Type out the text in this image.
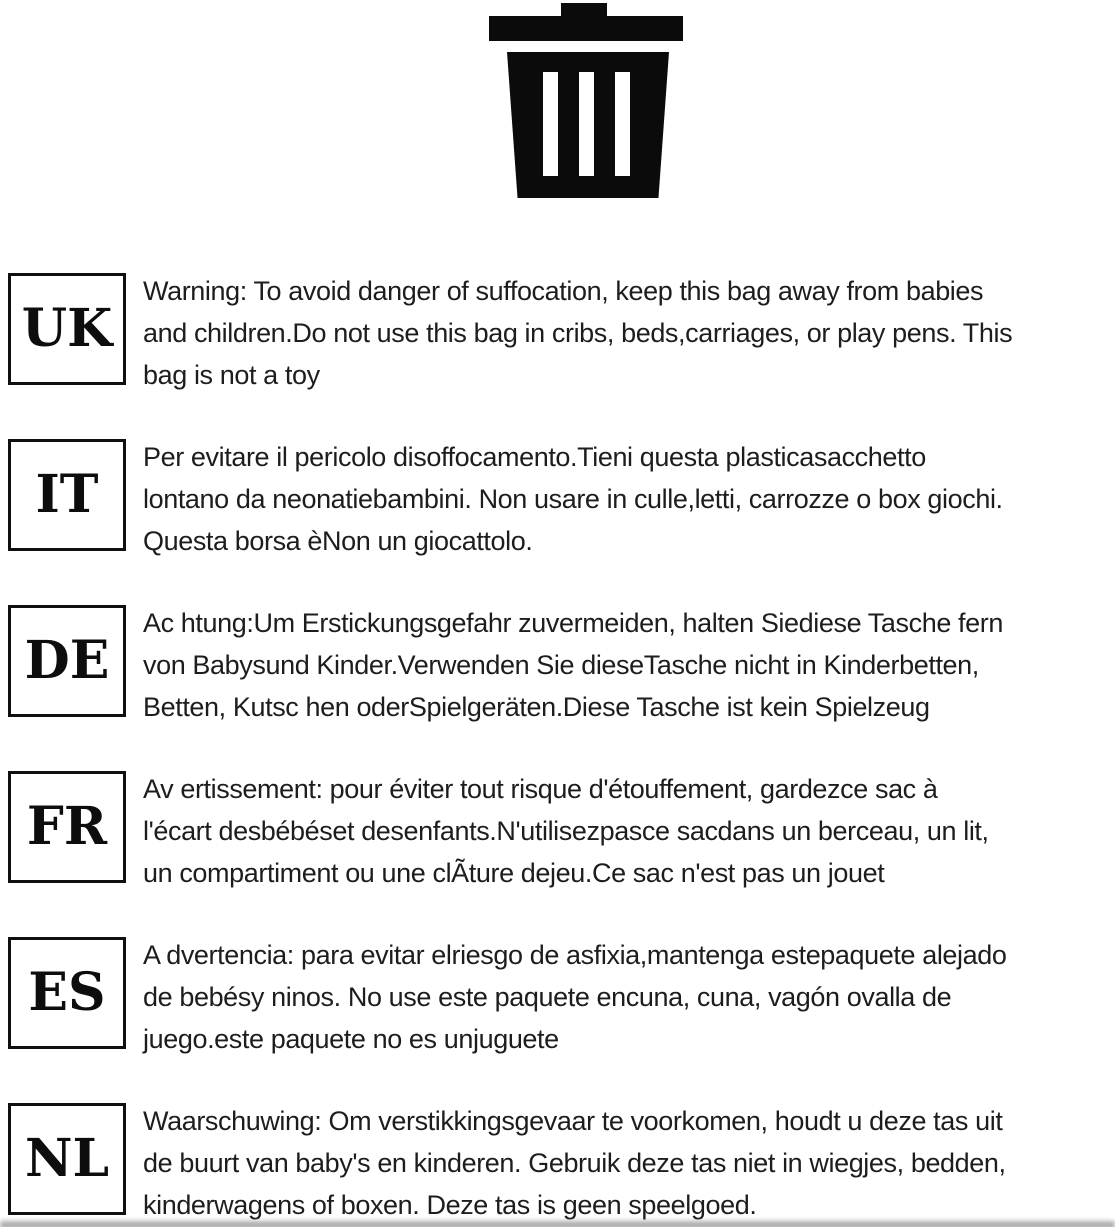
UK
Warning: To avoid danger of suffocation, keep this bag away from babies
and children.Do not use this bag in cribs, beds,carriages, or play pens. This
bag is not a toy
IT
Per evitare il pericolo disoffocamento.Tieni questa plasticasacchetto
lontano da neonatiebambini. Non usare in culle,letti, carrozze o box giochi.
Questa borsa èNon un giocattolo.
DE
Ac htung:Um Erstickungsgefahr zuvermeiden, halten Siediese Tasche fern
von Babysund Kinder.Verwenden Sie dieseTasche nicht in Kinderbetten,
Betten, Kutsc hen oderSpielgeräten.Diese Tasche ist kein Spielzeug
FR
Av ertissement: pour éviter tout risque d'étouffement, gardezce sac à
l'écart desbébéset desenfants.N'utilisezpasce sacdans un berceau, un lit,
un compartiment ou une clÃture dejeu.Ce sac n'est pas un jouet
ES
A dvertencia: para evitar elriesgo de asfixia,mantenga estepaquete alejado
de bebésy ninos. No use este paquete encuna, cuna, vagón ovalla de
juego.este paquete no es unjuguete
NL
Waarschuwing: Om verstikkingsgevaar te voorkomen, houdt u deze tas uit
de buurt van baby's en kinderen. Gebruik deze tas niet in wiegjes, bedden,
kinderwagens of boxen. Deze tas is geen speelgoed.
